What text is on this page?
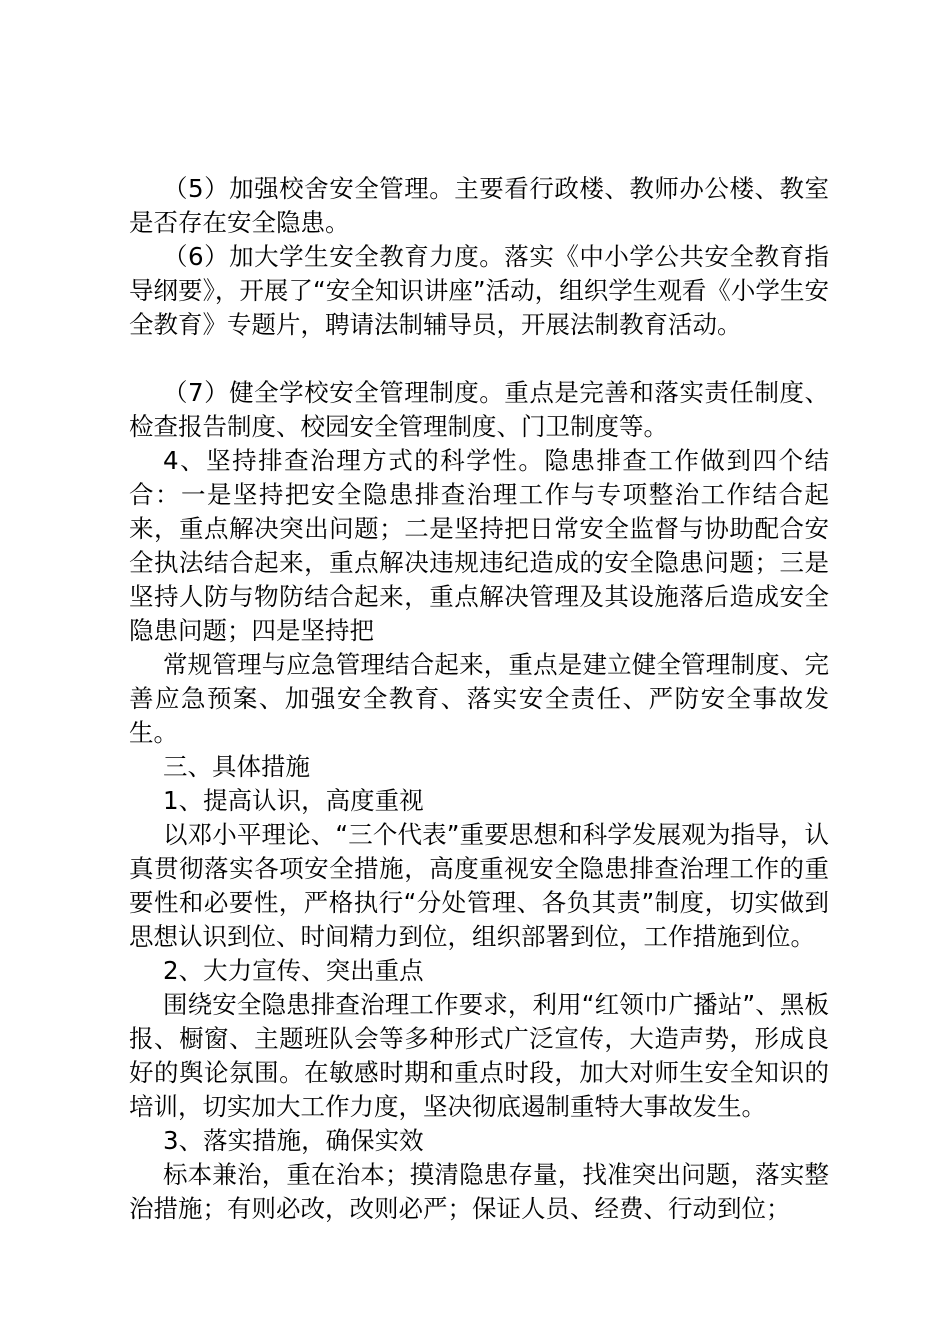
（5）加强校舍安全管理。主要看行政楼、教师办公楼、教室是否存在安全隐患。

（6）加大学生安全教育力度。落实《中小学公共安全教育指导纲要》，开展了“安全知识讲座”活动，组织学生观看《小学生安全教育》专题片，聘请法制辅导员，开展法制教育活动。

（7）健全学校安全管理制度。重点是完善和落实责任制度、检查报告制度、校园安全管理制度、门卫制度等。

4、坚持排查治理方式的科学性。隐患排查工作做到四个结合：一是坚持把安全隐患排查治理工作与专项整治工作结合起来，重点解决突出问题；二是坚持把日常安全监督与协助配合安全执法结合起来，重点解决违规违纪造成的安全隐患问题；三是坚持人防与物防结合起来，重点解决管理及其设施落后造成安全隐患问题；四是坚持把

常规管理与应急管理结合起来，重点是建立健全管理制度、完善应急预案、加强安全教育、落实安全责任、严防安全事故发生。

三、具体措施

1、提高认识，高度重视

以邓小平理论、“三个代表”重要思想和科学发展观为指导，认真贯彻落实各项安全措施，高度重视安全隐患排查治理工作的重要性和必要性，严格执行“分处管理、各负其责”制度，切实做到思想认识到位、时间精力到位，组织部署到位，工作措施到位。

2、大力宣传、突出重点

围绕安全隐患排查治理工作要求，利用“红领巾广播站”、黑板报、橱窗、主题班队会等多种形式广泛宣传，大造声势，形成良好的舆论氛围。在敏感时期和重点时段，加大对师生安全知识的培训，切实加大工作力度，坚决彻底遏制重特大事故发生。

3、落实措施，确保实效

标本兼治，重在治本；摸清隐患存量，找准突出问题，落实整治措施；有则必改，改则必严；保证人员、经费、行动到位；
